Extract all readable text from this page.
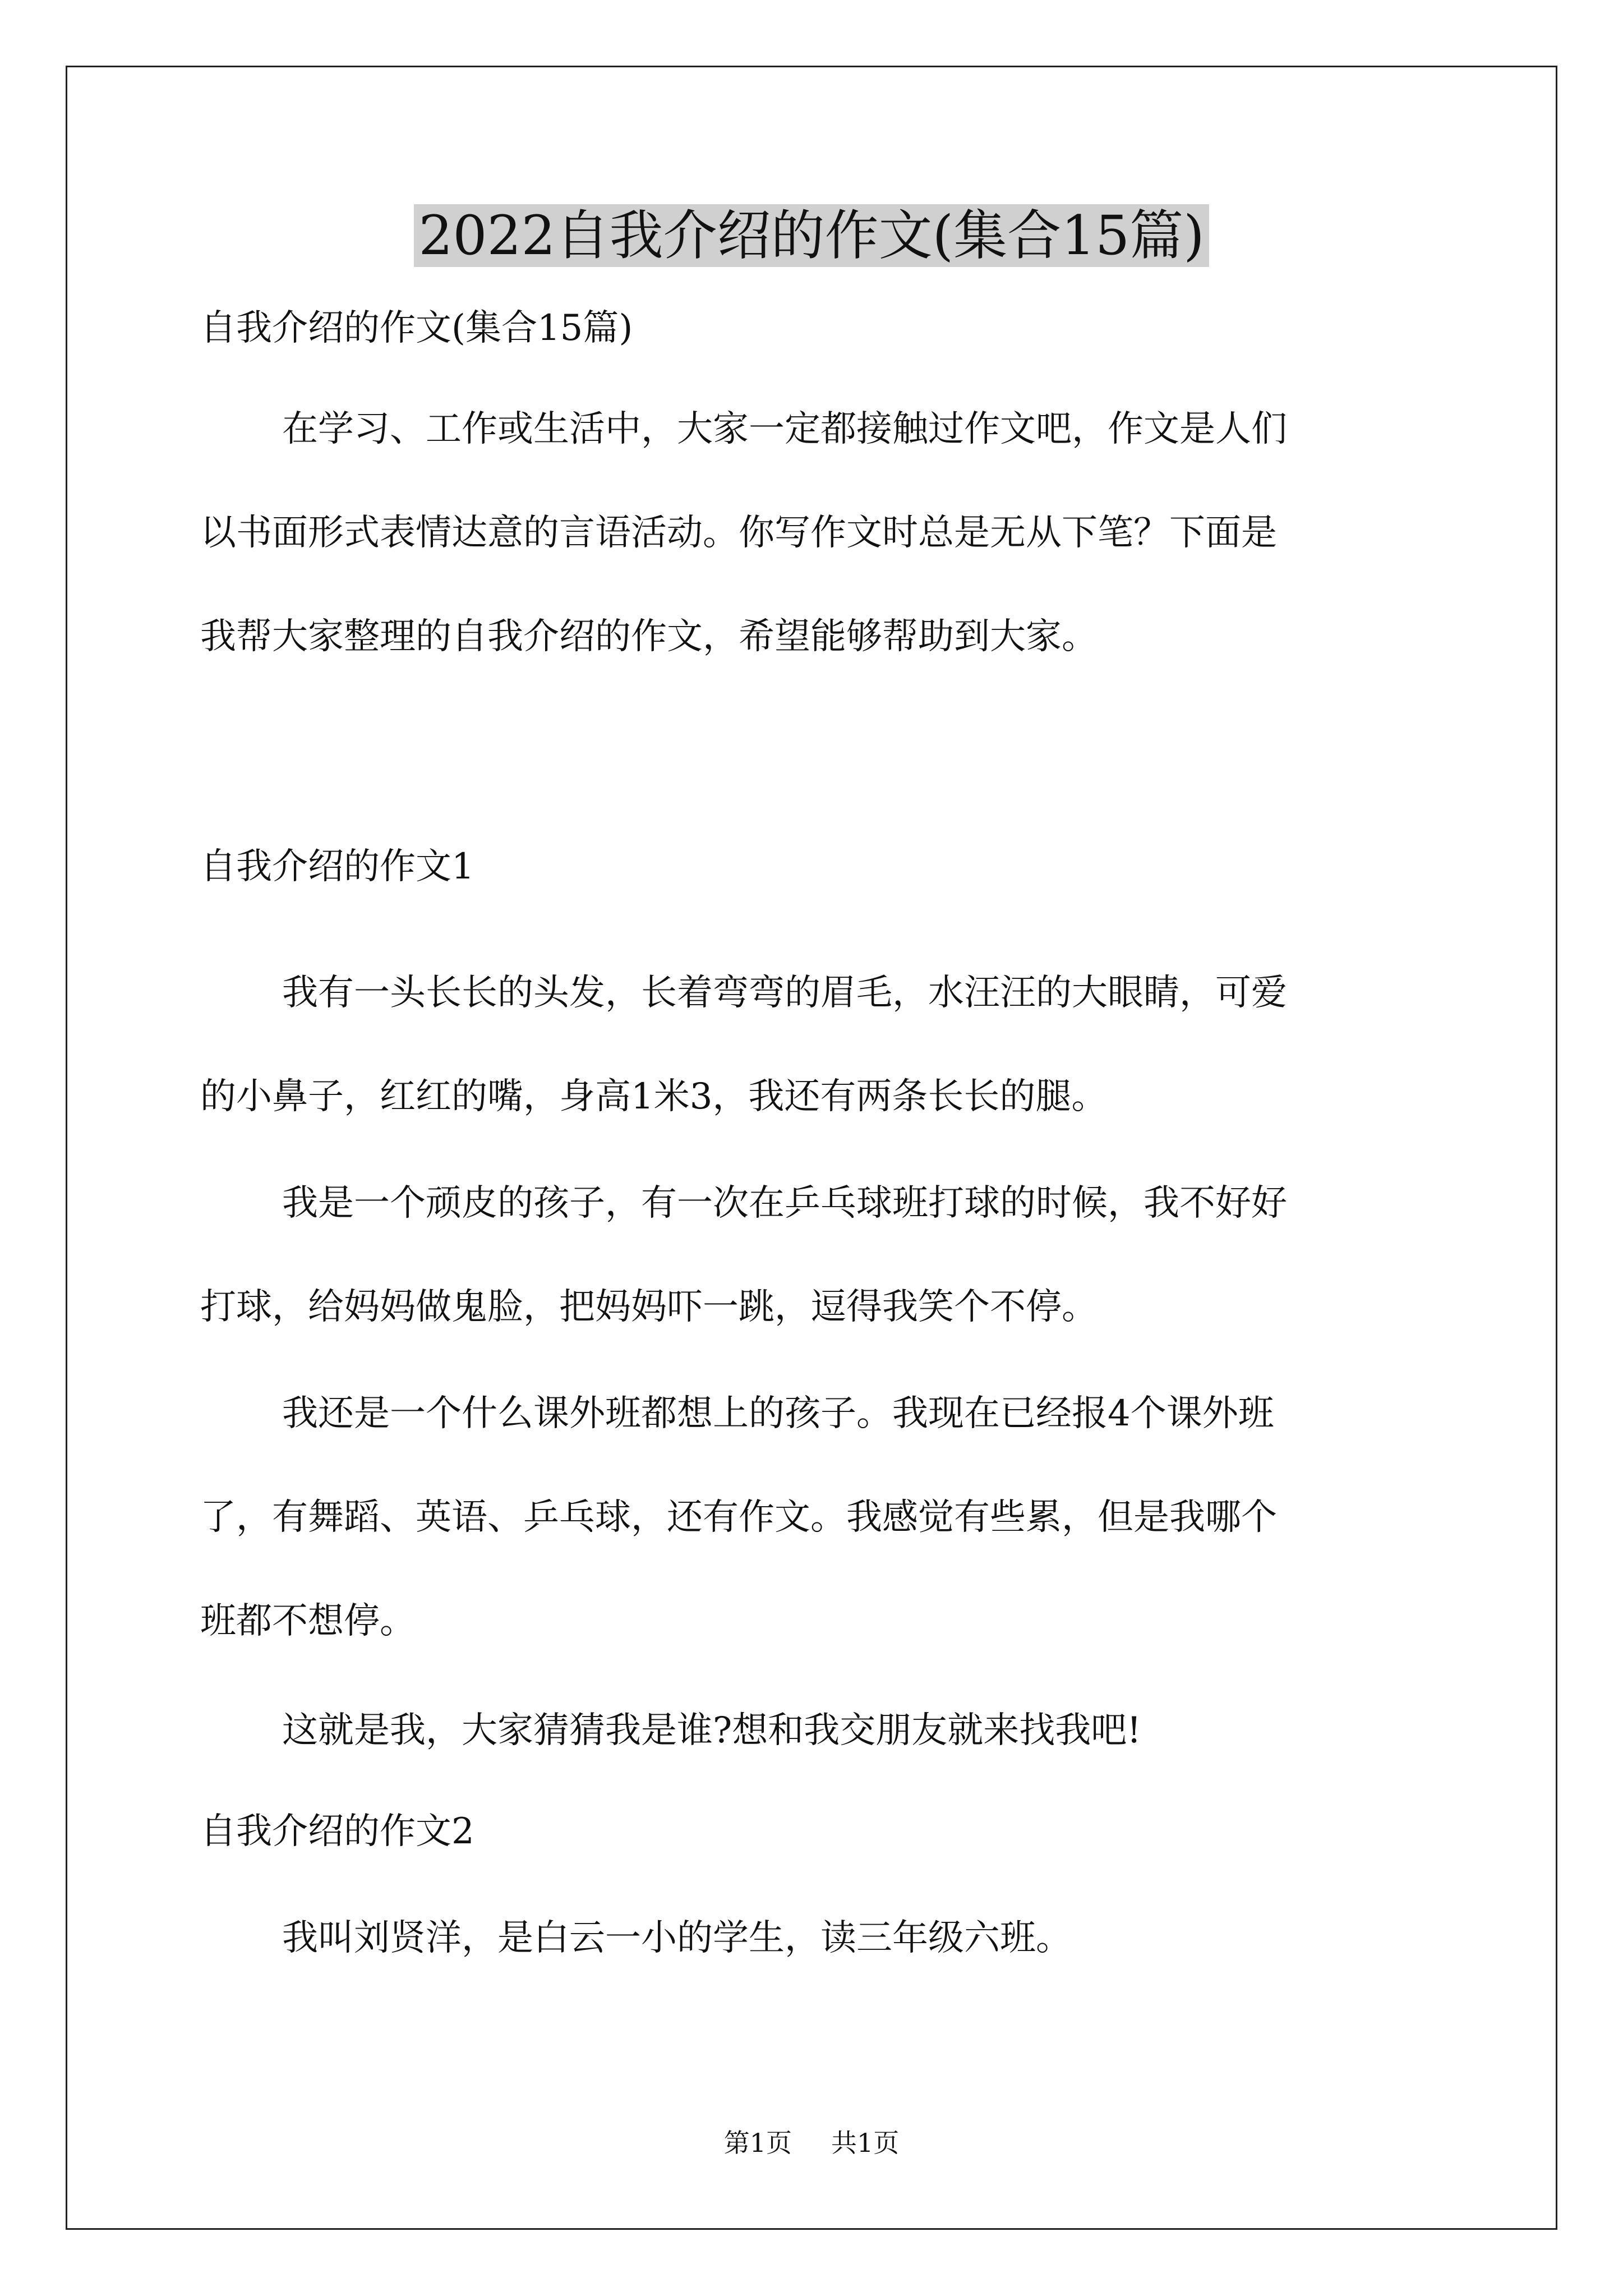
2022自我介绍的作文(集合15篇)
自我介绍的作文(集合15篇)
在学习、工作或生活中，大家一定都接触过作文吧，作文是人们
以书面形式表情达意的言语活动。你写作文时总是无从下笔？下面是
我帮大家整理的自我介绍的作文，希望能够帮助到大家。
自我介绍的作文1
我有一头长长的头发，长着弯弯的眉毛，水汪汪的大眼睛，可爱
的小鼻子，红红的嘴，身高1米3，我还有两条长长的腿。
我是一个顽皮的孩子，有一次在乒乓球班打球的时候，我不好好
打球，给妈妈做鬼脸，把妈妈吓一跳，逗得我笑个不停。
我还是一个什么课外班都想上的孩子。我现在已经报4个课外班
了，有舞蹈、英语、乒乓球，还有作文。我感觉有些累，但是我哪个
班都不想停。
这就是我，大家猜猜我是谁?想和我交朋友就来找我吧!
自我介绍的作文2
我叫刘贤洋，是白云一小的学生，读三年级六班。
第1页 共1页
